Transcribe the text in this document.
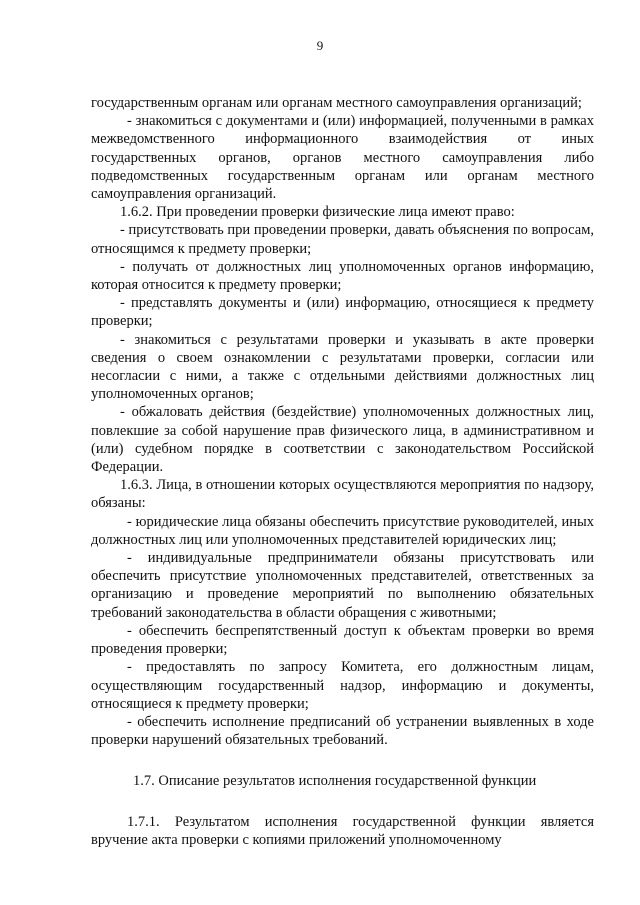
9

государственным органам или органам местного самоуправления организаций;

- знакомиться с документами и (или) информацией, полученными в рамках межведомственного информационного взаимодействия от иных государственных органов, органов местного самоуправления либо подведомственных государственным органам или органам местного самоуправления организаций.

1.6.2. При проведении проверки физические лица имеют право:

- присутствовать при проведении проверки, давать объяснения по вопросам, относящимся к предмету проверки;

- получать от должностных лиц уполномоченных органов информацию, которая относится к предмету проверки;

- представлять документы и (или) информацию, относящиеся к предмету проверки;

- знакомиться с результатами проверки и указывать в акте проверки сведения о своем ознакомлении с результатами проверки, согласии или несогласии с ними, а также с отдельными действиями должностных лиц уполномоченных органов;

- обжаловать действия (бездействие) уполномоченных должностных лиц, повлекшие за собой нарушение прав физического лица, в административном и (или) судебном порядке в соответствии с законодательством Российской Федерации.

1.6.3. Лица, в отношении которых осуществляются мероприятия по надзору, обязаны:

- юридические лица обязаны обеспечить присутствие руководителей, иных должностных лиц или уполномоченных представителей юридических лиц;

- индивидуальные предприниматели обязаны присутствовать или обеспечить присутствие уполномоченных представителей, ответственных за организацию и проведение мероприятий по выполнению обязательных требований законодательства в области обращения с животными;

- обеспечить беспрепятственный доступ к объектам проверки во время проведения проверки;

- предоставлять по запросу Комитета, его должностным лицам, осуществляющим государственный надзор, информацию и документы, относящиеся к предмету проверки;

- обеспечить исполнение предписаний об устранении выявленных в ходе проверки нарушений обязательных требований.

1.7. Описание результатов исполнения государственной функции

1.7.1. Результатом исполнения государственной функции является вручение акта проверки с копиями приложений уполномоченному
